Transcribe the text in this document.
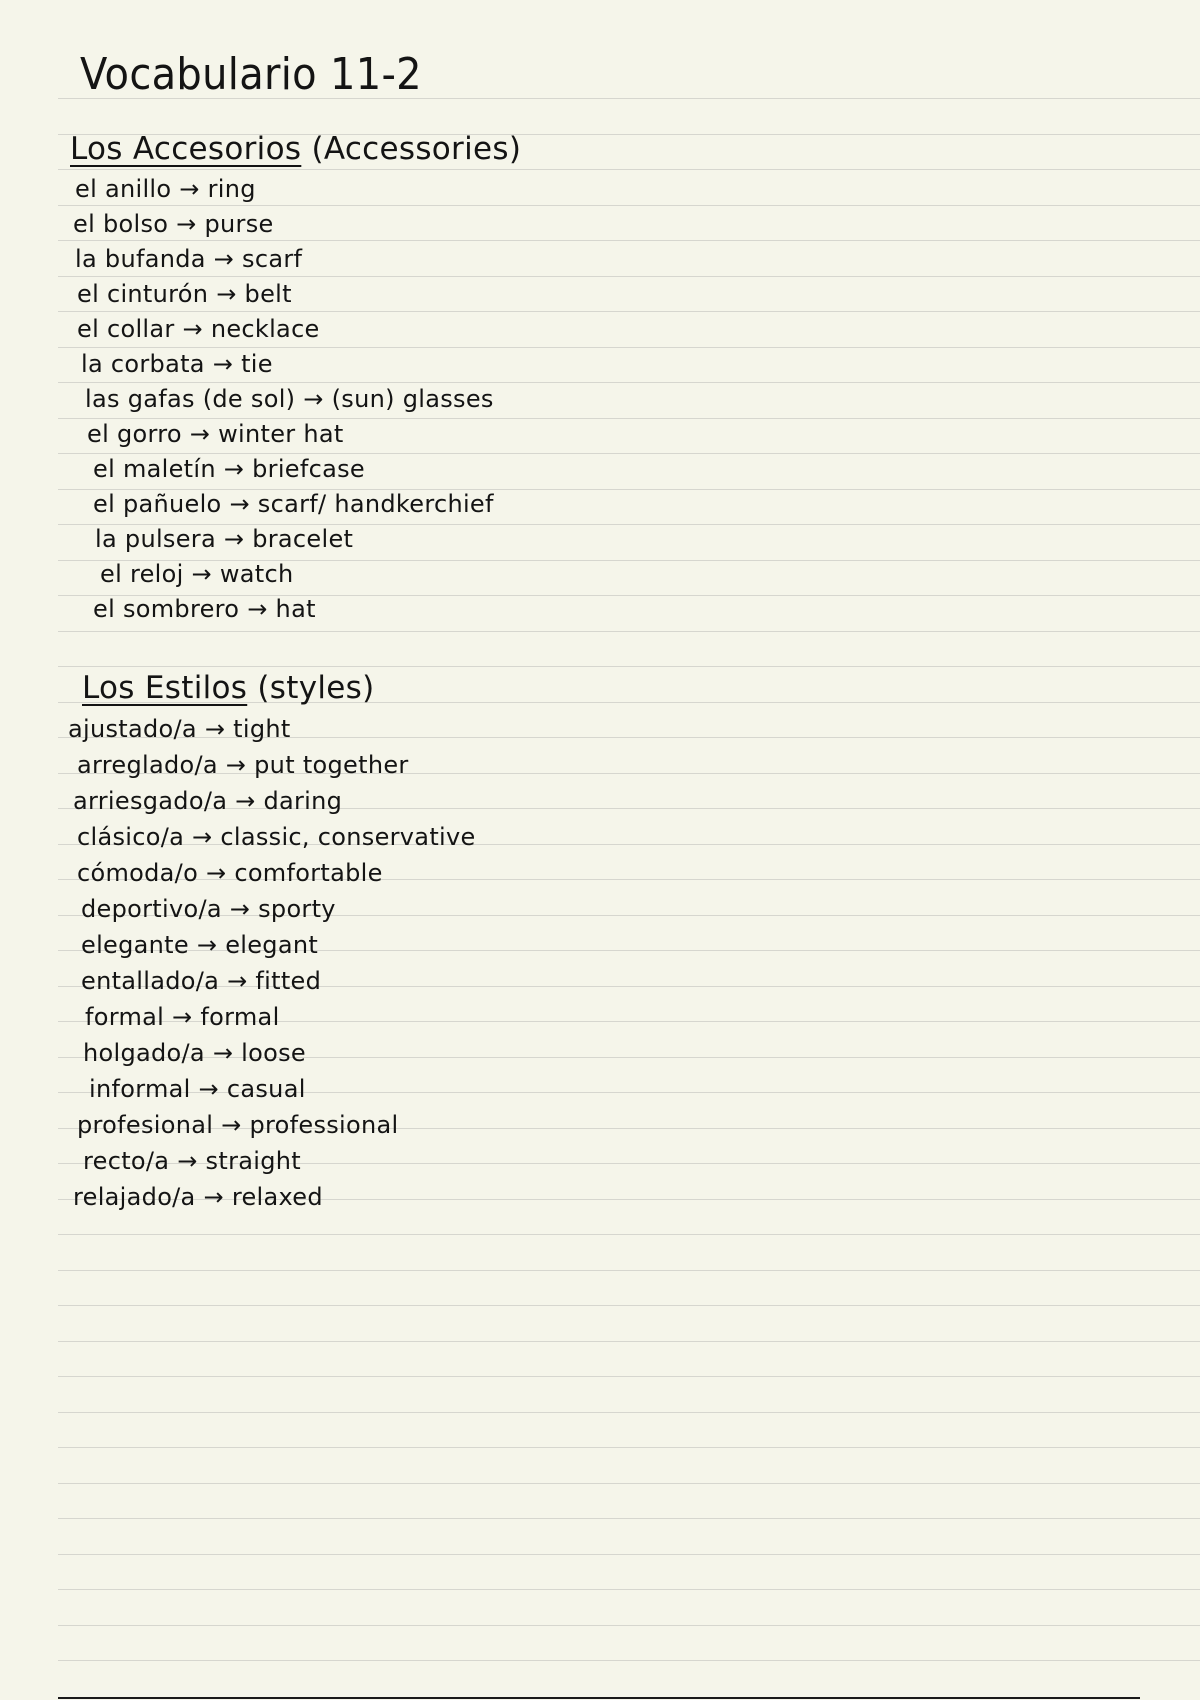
Vocabulario 11-2
Los Accesorios (Accessories)
el anillo → ring
el bolso → purse
la bufanda → scarf
el cinturón → belt
el collar → necklace
la corbata → tie
las gafas (de sol) → (sun) glasses
el gorro → winter hat
el maletín → briefcase
el pañuelo → scarf/ handkerchief
la pulsera → bracelet
el reloj → watch
el sombrero → hat
Los Estilos (styles)
ajustado/a → tight
arreglado/a → put together
arriesgado/a → daring
clásico/a → classic, conservative
cómoda/o → comfortable
deportivo/a → sporty
elegante → elegant
entallado/a → fitted
formal → formal
holgado/a → loose
informal → casual
profesional → professional
recto/a → straight
relajado/a → relaxed
